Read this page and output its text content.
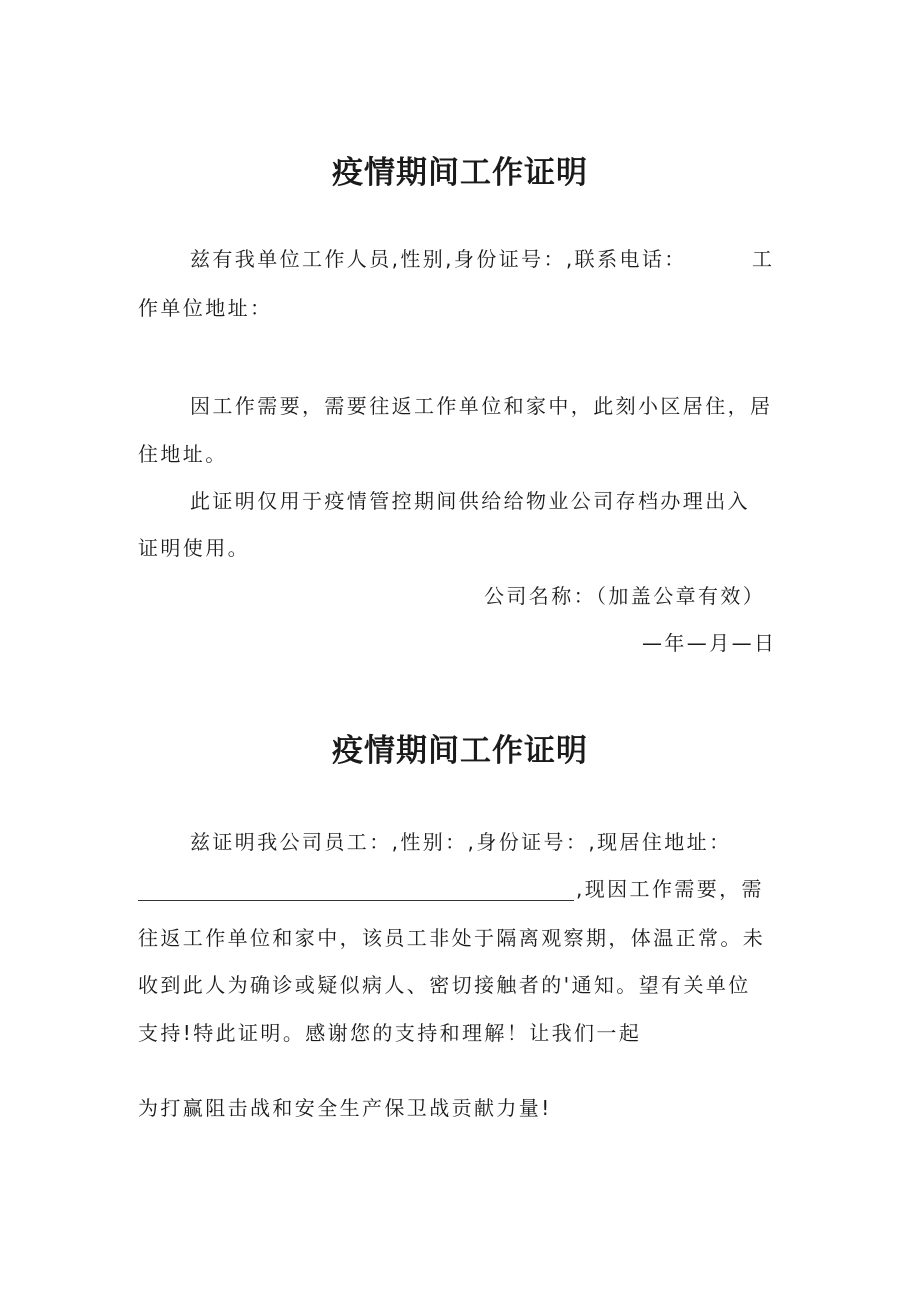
疫情期间工作证明

兹有我单位工作人员,性别,身份证号：,联系电话：	工

作单位地址：

因工作需要，需要往返工作单位和家中，此刻小区居住，居

住地址。

此证明仅用于疫情管控期间供给给物业公司存档办理出入

证明使用。

公司名称：（加盖公章有效）

—年—月—日

疫情期间工作证明

兹证明我公司员工：,性别：,身份证号：,现居住地址：

,现因工作需要，需

往返工作单位和家中，该员工非处于隔离观察期，体温正常。未

收到此人为确诊或疑似病人、密切接触者的'通知。望有关单位

支持!特此证明。感谢您的支持和理解！让我们一起

为打赢阻击战和安全生产保卫战贡献力量!
